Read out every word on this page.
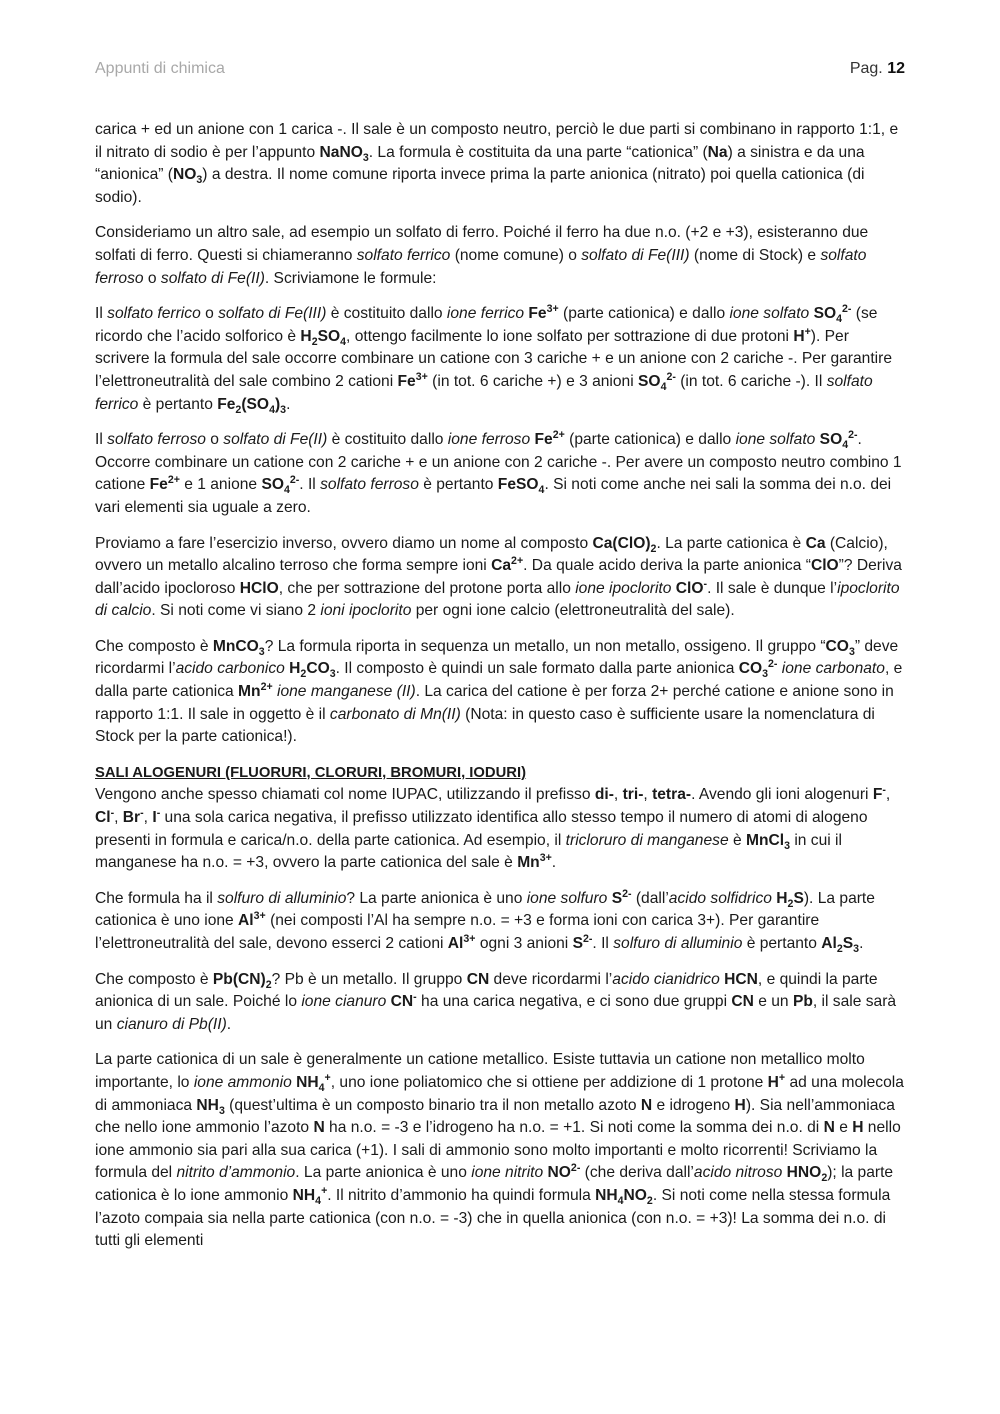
Appunti di chimica	Pag. 12

carica + ed un anione con 1 carica -. Il sale è un composto neutro, perciò le due parti si combinano in rapporto 1:1, e il nitrato di sodio è per l’appunto NaNO$_3$. La formula è costituita da una parte “cationica” (Na) a sinistra e da una “anionica” $(NO_3)$ a destra. Il nome comune riporta invece prima la parte anionica (nitrato) poi quella cationica (di sodio).

Consideriamo un altro sale, ad esempio un solfato di ferro. Poiché il ferro ha due n.o. (+2 e +3), esisteranno due solfati di ferro. Questi si chiameranno solfato ferrico (nome comune) o solfato di Fe(III) (nome di Stock) e solfato ferroso o solfato di Fe(II). Scriviamone le formule:

Il solfato ferrico o solfato di Fe(III) è costituito dallo ione ferrico $Fe^{3+}$ (parte cationica) e dallo ione solfato $SO_4^{2-}$ (se ricordo che l’acido solforico è $H_2SO_4$, ottengo facilmente lo ione solfato per sottrazione di due protoni H+). Per scrivere la formula del sale occorre combinare un catione con 3 cariche + e un anione con 2 cariche -. Per garantire l’elettroneutralità del sale combino 2 cationi $Fe^{3+}$ (in tot. 6 cariche +) e 3 anioni $SO_4^{2-}$ (in tot. 6 cariche -). Il solfato ferrico è pertanto $Fe_2(SO_4)_3$.

Il solfato ferroso o solfato di Fe(II) è costituito dallo ione ferroso $Fe^{2+}$ (parte cationica) e dallo ione solfato $SO_4^{2-}$. Occorre combinare un catione con 2 cariche + e un anione con 2 cariche -. Per avere un composto neutro combino 1 catione $Fe^{2+}$ e 1 anione $SO_4^{2-}$. Il solfato ferroso è pertanto FeSO$_4$. Si noti come anche nei sali la somma dei n.o. dei vari elementi sia uguale a zero.

Proviamo a fare l’esercizio inverso, ovvero diamo un nome al composto $Ca(ClO)_2$. La parte cationica è Ca (Calcio), ovvero un metallo alcalino terroso che forma sempre ioni $Ca^{2+}$. Da quale acido deriva la parte anionica “ClO”? Deriva dall’acido ipocloroso HClO, che per sottrazione del protone porta allo ione ipoclorito ClO-. Il sale è dunque l’ipoclorito di calcio. Si noti come vi siano 2 ioni ipoclorito per ogni ione calcio (elettroneutralità del sale).

Che composto è MnCO$_3$? La formula riporta in sequenza un metallo, un non metallo, ossigeno. Il gruppo “$CO_3$” deve ricordarmi l’acido carbonico $H_2CO_3$. Il composto è quindi un sale formato dalla parte anionica $CO_3^{2-}$ ione carbonato, e dalla parte cationica $Mn^{2+}$ ione manganese (II). La carica del catione è per forza 2+ perché catione e anione sono in rapporto 1:1. Il sale in oggetto è il carbonato di Mn(II) (Nota: in questo caso è sufficiente usare la nomenclatura di Stock per la parte cationica!).

SALI ALOGENURI (FLUORURI, CLORURI, BROMURI, IODURI)

Vengono anche spesso chiamati col nome IUPAC, utilizzando il prefisso di-, tri-, tetra-. Avendo gli ioni alogenuri F-, Cl-, Br-, I- una sola carica negativa, il prefisso utilizzato identifica allo stesso tempo il numero di atomi di alogeno presenti in formula e carica/n.o. della parte cationica. Ad esempio, il tricloruro di manganese è MnCl$_3$ in cui il manganese ha n.o. = +3, ovvero la parte cationica del sale è $Mn^{3+}$.

Che formula ha il solfuro di alluminio? La parte anionica è uno ione solfuro $S^{2-}$ (dall’acido solfidrico $H_2S$). La parte cationica è uno ione $Al^{3+}$ (nei composti l’Al ha sempre n.o. = +3 e forma ioni con carica 3+). Per garantire l’elettroneutralità del sale, devono esserci 2 cationi $Al^{3+}$ ogni 3 anioni $S^{2-}$. Il solfuro di alluminio è pertanto $Al_2S_3$.

Che composto è $Pb(CN)_2$? Pb è un metallo. Il gruppo CN deve ricordarmi l’acido cianidrico HCN, e quindi la parte anionica di un sale. Poiché lo ione cianuro CN- ha una carica negativa, e ci sono due gruppi CN e un Pb, il sale sarà un cianuro di Pb(II).

La parte cationica di un sale è generalmente un catione metallico. Esiste tuttavia un catione non metallico molto importante, lo ione ammonio $NH_4^+$, uno ione poliatomico che si ottiene per addizione di 1 protone H+ ad una molecola di ammoniaca $NH_3$ (quest’ultima è un composto binario tra il non metallo azoto N e idrogeno H). Sia nell’ammoniaca che nello ione ammonio l’azoto N ha n.o. = -3 e l’idrogeno ha n.o. = +1. Si noti come la somma dei n.o. di N e H nello ione ammonio sia pari alla sua carica (+1). I sali di ammonio sono molto importanti e molto ricorrenti! Scriviamo la formula del nitrito d’ammonio. La parte anionica è uno ione nitrito $NO^{2-}$ (che deriva dall’acido nitroso $HNO_2$); la parte cationica è lo ione ammonio $NH_4^+$. Il nitrito d’ammonio ha quindi formula $NH_4NO_2$. Si noti come nella stessa formula l’azoto compaia sia nella parte cationica (con n.o. = -3) che in quella anionica (con n.o. = +3)! La somma dei n.o. di tutti gli elementi
